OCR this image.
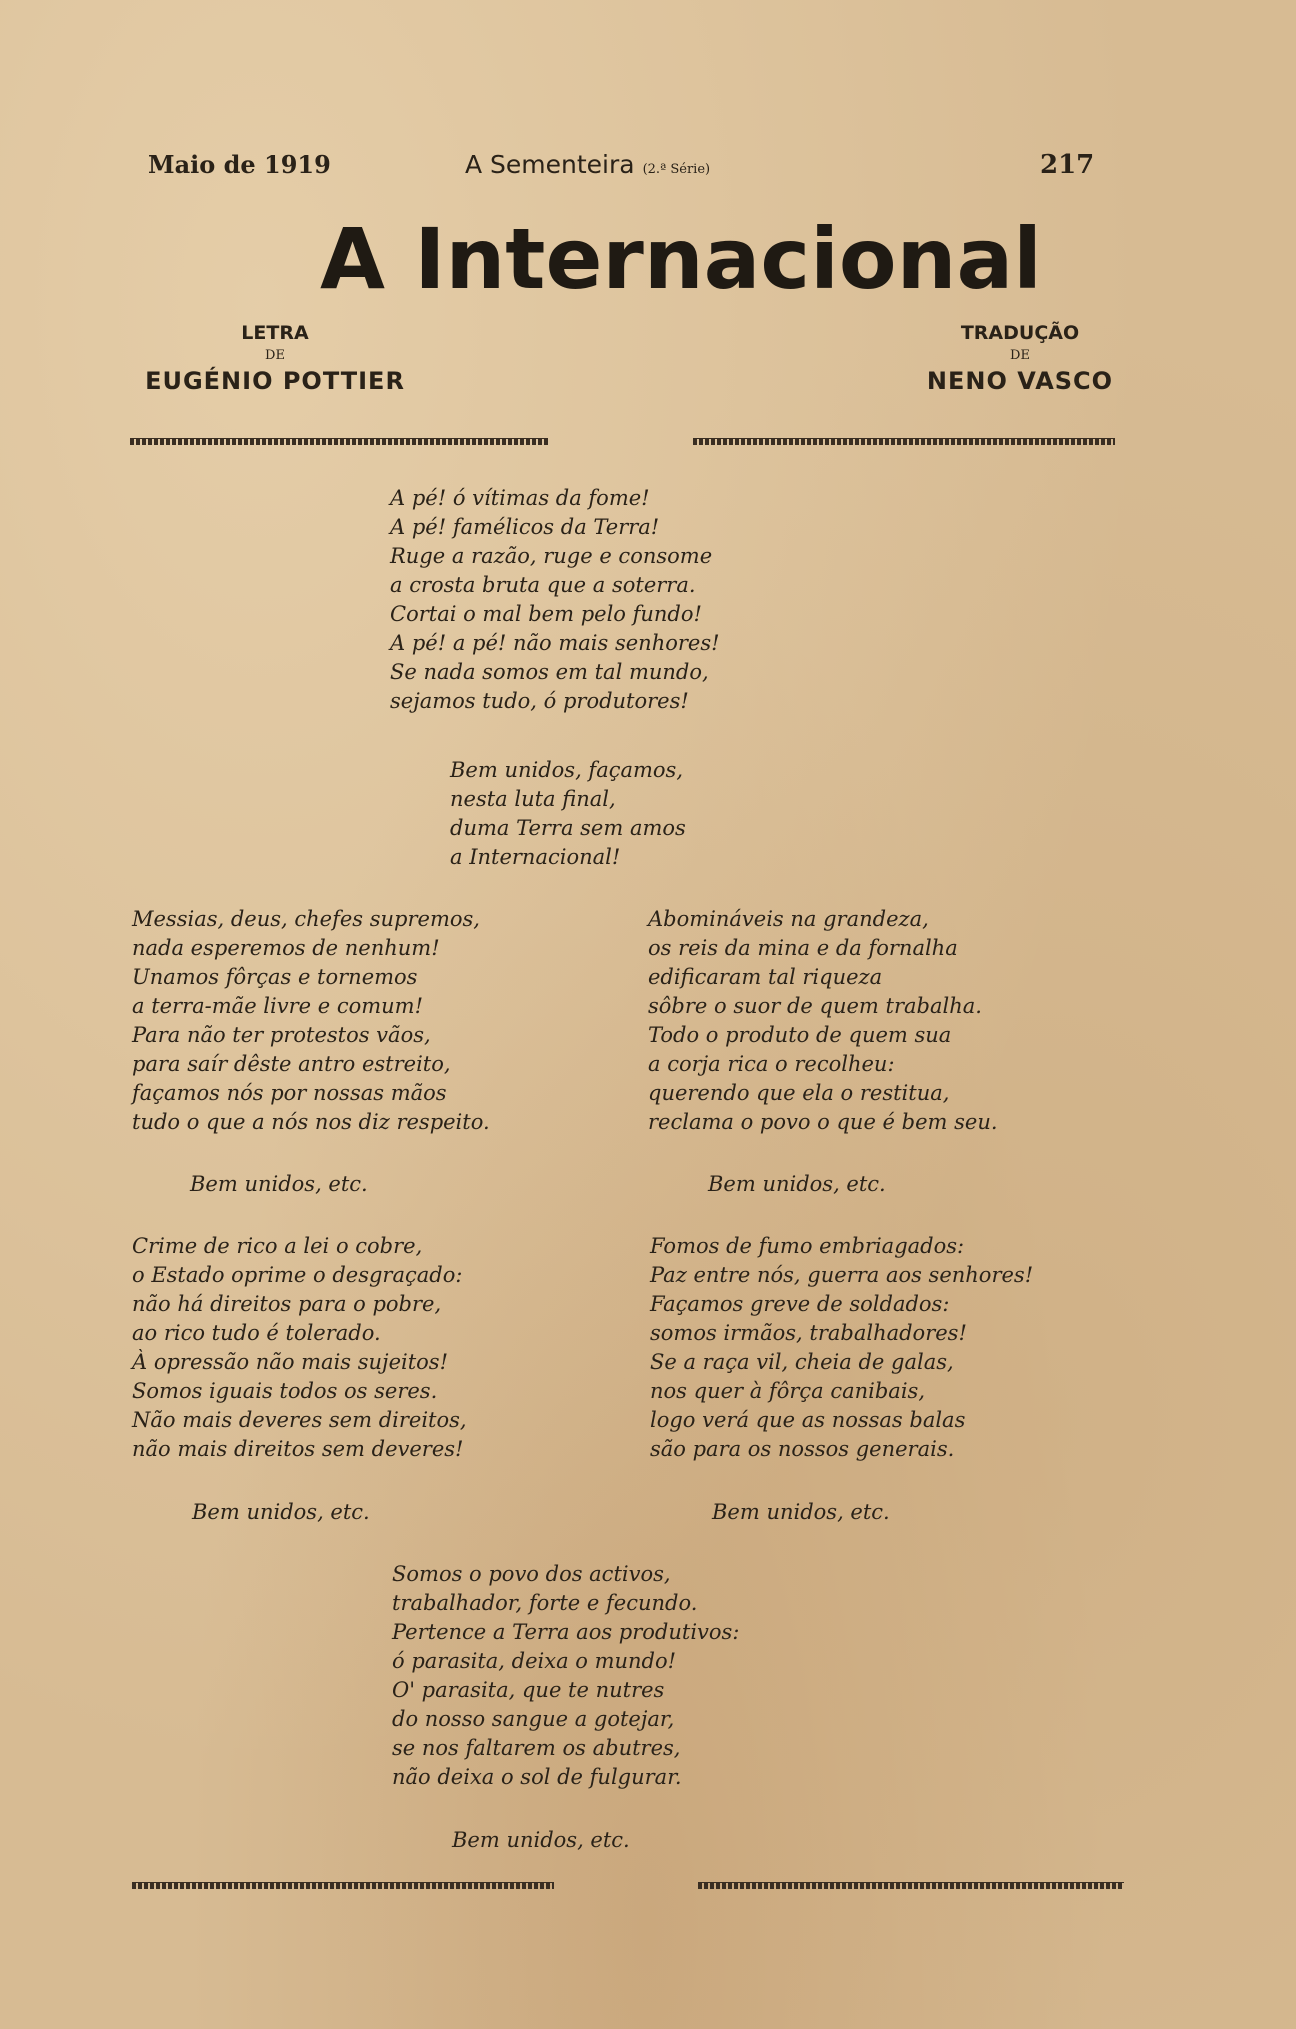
Maio de 1919	A Sementeira (2.ª Série)	217
A Internacional
LETRA
DE
EUGÉNIO POTTIER
TRADUÇÃO
DE
NENO VASCO
A pé! ó vítimas da fome!
A pé! famélicos da Terra!
Ruge a razão, ruge e consome
a crosta bruta que a soterra.
Cortai o mal bem pelo fundo!
A pé! a pé! não mais senhores!
Se nada somos em tal mundo,
sejamos tudo, ó produtores!
Bem unidos, façamos,
nesta luta final,
duma Terra sem amos
a Internacional!
Messias, deus, chefes supremos,
nada esperemos de nenhum!
Unamos fôrças e tornemos
a terra-mãe livre e comum!
Para não ter protestos vãos,
para saír dêste antro estreito,
façamos nós por nossas mãos
tudo o que a nós nos diz respeito.
Abomináveis na grandeza,
os reis da mina e da fornalha
edificaram tal riqueza
sôbre o suor de quem trabalha.
Todo o produto de quem sua
a corja rica o recolheu:
querendo que ela o restitua,
reclama o povo o que é bem seu.
Bem unidos, etc.	Bem unidos, etc.
Crime de rico a lei o cobre,
o Estado oprime o desgraçado:
não há direitos para o pobre,
ao rico tudo é tolerado.
À opressão não mais sujeitos!
Somos iguais todos os seres.
Não mais deveres sem direitos,
não mais direitos sem deveres!
Fomos de fumo embriagados:
Paz entre nós, guerra aos senhores!
Façamos greve de soldados:
somos irmãos, trabalhadores!
Se a raça vil, cheia de galas,
nos quer à fôrça canibais,
logo verá que as nossas balas
são para os nossos generais.
Bem unidos, etc.	Bem unidos, etc.
Somos o povo dos activos,
trabalhador, forte e fecundo.
Pertence a Terra aos produtivos:
ó parasita, deixa o mundo!
O' parasita, que te nutres
do nosso sangue a gotejar,
se nos faltarem os abutres,
não deixa o sol de fulgurar.
Bem unidos, etc.
